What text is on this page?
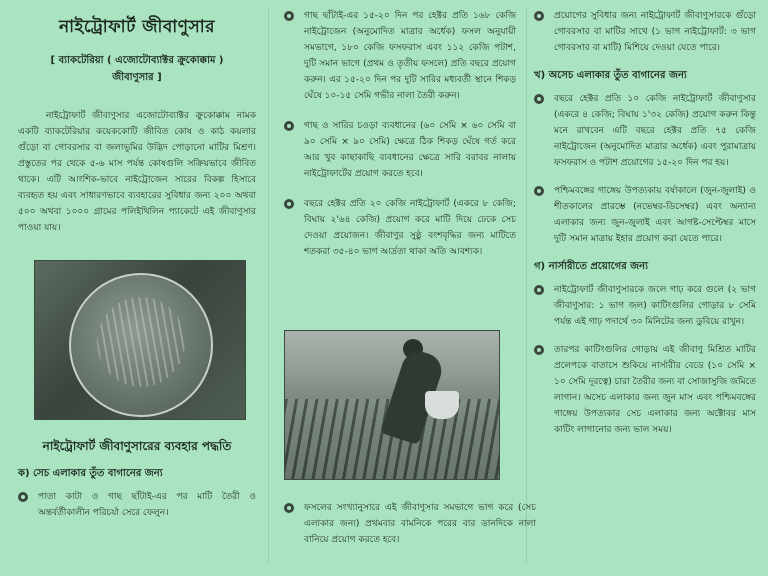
নাইট্রোফার্ট জীবাণুসার
[ ব্যাকটেরিয়া ( এজোটোব্যাক্টর ক্রুকোক্কাম )
জীবাণুসার ]
নাইট্রোফার্ট জীবাণুসার এজোটোব্যাক্টর ক্রুকোক্কাম নামক একটি ব্যাকটেরিয়ার কয়েককোটি জীবিত কোষ ও কাঠ কয়লার গুঁড়ো বা গোবরসার বা জলাভূমির উদ্ভিদ পোড়ানো মাটির মিশ্রণ। প্রস্তুতের পর থেকে ৫-৬ মাস পর্যন্ত কোষগুলি সক্রিয়ভাবে জীবিত থাকে। এটি আংশিক-ভাবে নাইট্রোজেন সারের বিকল্প হিসাবে ব্যবহৃত হয় এবং সাধারণভাবে ব্যবহারের সুবিধার জন্য ২০০ অথবা ৫০০ অথবা ১০০০ গ্রামের পলিইথিলিন প্যাকেটে এই জীবাণুসার পাওয়া যায়।
নাইট্রোফার্ট জীবাণুসারের ব্যবহার পদ্ধতি
ক) সেচ এলাকার তুঁত বাগানের জন্য
পাতা কাটা ও গাছ ছাঁটাই-এর পর মাটি তৈরী ও অন্তর্বর্তীকালীন পরিচর্যা সেরে ফেলুন।
গাছ ছাঁটাই-এর ১৫-২০ দিন পর হেক্টর প্রতি ১৬৮ কেজি নাইট্রোজেন (অনুমোদিত মাত্রার অর্ধেক) ফসল অনুযায়ী সমভাগে, ১৮০ কেজি ফসফরাস এবং ১১২ কেজি পটাশ, দুটি সমান ভাগে (প্রথম ও তৃতীয় ফসলে) প্রতি বছরে প্রয়োগ করুন। এর ১৫-২০ দিন পর দুটি সারির মধ্যবর্তী স্থানে শিকড় ঘেঁষে ১০-১৫ সেমি গভীর নালা তৈরী করুন।
গাছ ও সারির চওড়া ব্যবধানের (৬০ সেমি × ৬০ সেমি বা ৯০ সেমি × ৯০ সেমি) ক্ষেত্রে ঠিক শিকড় ঘেঁষে গর্ত করে আর খুব কাছাকাছি ব্যবধানের ক্ষেত্রে সারি বরাবর নালায় নাইট্রোফার্টের প্রয়োগ করতে হবে।
বছরে হেক্টর প্রতি ২০ কেজি নাইট্রোফার্ট (একরে ৮ কেজি; বিঘায় ২'৬৪ কেজি) প্রয়োগ করে মাটি দিয়ে ঢেকে সেচ দেওয়া প্রয়োজন। জীবাণুর সুষ্ঠু বংশবৃদ্ধির জন্য মাটিতে শতকরা ৩৫-৪০ ভাগ আর্দ্রতা থাকা অতি আবশ্যক।
ফসলের সংখ্যানুসারে এই জীবাণুসার সমভাগে ভাগ করে (সেচ এলাকার জন্য) প্রথমবার বামনিকে পরের বার ডানদিকে নালা বানিয়ে প্রয়োগ করতে হবে।
প্রয়োগের সুবিধার জন্য নাইট্রোফার্ট জীবাণুসারকে গুঁড়ো গোবরসার বা মাটির সাথে (১ ভাগ নাইট্রোফার্ট: ৩ ভাগ গোবরসার বা মাটি) মিশিয়ে দেওয়া যেতে পারে।
খ) অসেচ এলাকার তুঁত বাগানের জন্য
বছরে হেক্টর প্রতি ১০ কেজি নাইট্রোফার্ট জীবাণুসার (একরে ৪ কেজি; বিঘায় ১'৩২ কেজি) প্রয়োগ করুন কিন্তু মনে রাখবেন এটি বছরে হেক্টর প্রতি ৭৫ কেজি নাইট্রোজেন (অনুমোদিত মাত্রার অর্ধেক) এবং পুরামাত্রায় ফসফরাস ও পটাশ প্রয়োগের ১৫-২০ দিন পর হয়।
পশ্চিমবঙ্গের গাঙ্গেয় উপত্যকায় বর্ষাকালে (জুন-জুলাই) ও শীতকালের প্রারম্ভে (নভেম্বর-ডিসেম্বর) এবং অন্যান্য এলাকার জন্য জুন-জুলাই এবং আগষ্ট-সেপ্টেম্বর মাসে দুটি সমান মাত্রায় ইহার প্রয়োগ করা যেতে পারে।
গ) নার্সারীতে প্রয়োগের জন্য
নাইট্রোফার্ট জীবাণুসারকে জলে গাঢ় করে গুলে (২ ভাগ জীবাণুসার: ১ ভাগ জল) কাটিংগুলির গোড়ার ৮ সেমি পর্যন্ত এই গাঢ় পদার্থে ৩০ মিনিটের জন্য ডুবিয়ে রাখুন।
তারপর কাটিংগুলির গোড়ায় এই জীবাণু মিশ্রিত মাটির প্রলেপকে বাতাসে শুকিয়ে নার্সারীর বেডে (১০ সেমি × ১০ সেমি দূরত্বে) চারা তৈরীর জন্য বা সোজাসুজি জমিতে লাগান। অসেচ এলাকার জন্য জুন মাস এবং পশ্চিমবঙ্গের গাঙ্গেয় উপত্যকার সেচ এলাকার জন্য অক্টোবর মাস কাটিং লাগানোর জন্য ভাল সময়।
